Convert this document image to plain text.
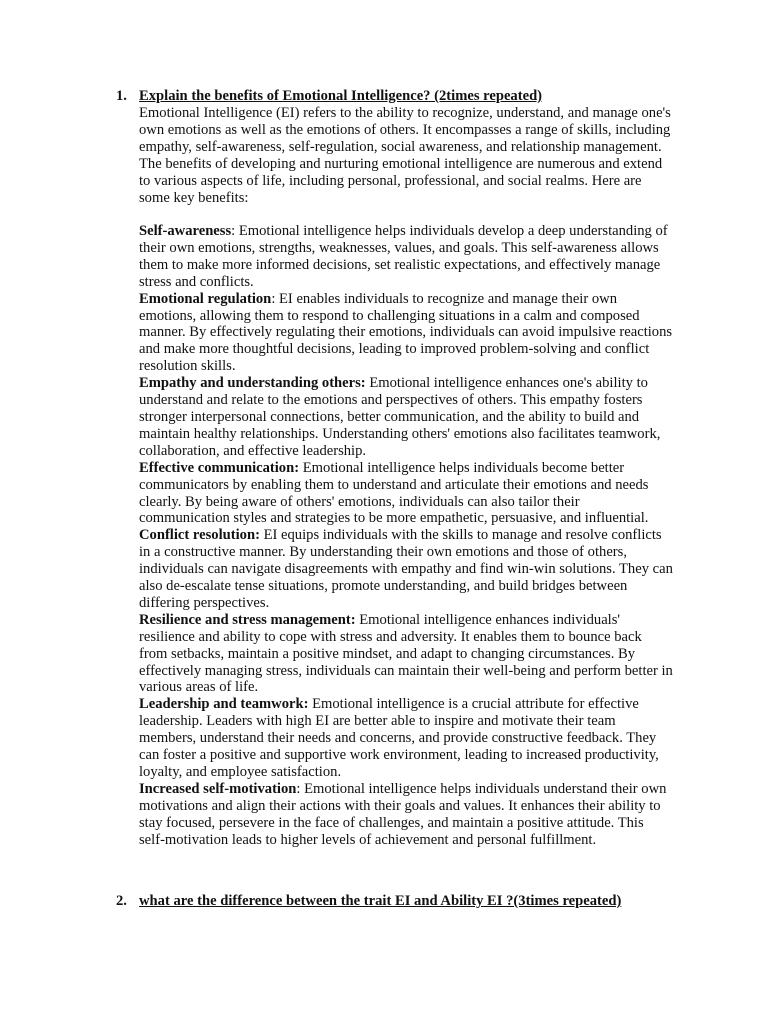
1. Explain the benefits of Emotional Intelligence? (2times repeated)
Emotional Intelligence (EI) refers to the ability to recognize, understand, and manage one's own emotions as well as the emotions of others. It encompasses a range of skills, including empathy, self-awareness, self-regulation, social awareness, and relationship management. The benefits of developing and nurturing emotional intelligence are numerous and extend to various aspects of life, including personal, professional, and social realms. Here are some key benefits:

Self-awareness: Emotional intelligence helps individuals develop a deep understanding of their own emotions, strengths, weaknesses, values, and goals. This self-awareness allows them to make more informed decisions, set realistic expectations, and effectively manage stress and conflicts.

Emotional regulation: EI enables individuals to recognize and manage their own emotions, allowing them to respond to challenging situations in a calm and composed manner. By effectively regulating their emotions, individuals can avoid impulsive reactions and make more thoughtful decisions, leading to improved problem-solving and conflict resolution skills.

Empathy and understanding others: Emotional intelligence enhances one's ability to understand and relate to the emotions and perspectives of others. This empathy fosters stronger interpersonal connections, better communication, and the ability to build and maintain healthy relationships. Understanding others' emotions also facilitates teamwork, collaboration, and effective leadership.

Effective communication: Emotional intelligence helps individuals become better communicators by enabling them to understand and articulate their emotions and needs clearly. By being aware of others' emotions, individuals can also tailor their communication styles and strategies to be more empathetic, persuasive, and influential.

Conflict resolution: EI equips individuals with the skills to manage and resolve conflicts in a constructive manner. By understanding their own emotions and those of others, individuals can navigate disagreements with empathy and find win-win solutions. They can also de-escalate tense situations, promote understanding, and build bridges between differing perspectives.

Resilience and stress management: Emotional intelligence enhances individuals' resilience and ability to cope with stress and adversity. It enables them to bounce back from setbacks, maintain a positive mindset, and adapt to changing circumstances. By effectively managing stress, individuals can maintain their well-being and perform better in various areas of life.

Leadership and teamwork: Emotional intelligence is a crucial attribute for effective leadership. Leaders with high EI are better able to inspire and motivate their team members, understand their needs and concerns, and provide constructive feedback. They can foster a positive and supportive work environment, leading to increased productivity, loyalty, and employee satisfaction.

Increased self-motivation: Emotional intelligence helps individuals understand their own motivations and align their actions with their goals and values. It enhances their ability to stay focused, persevere in the face of challenges, and maintain a positive attitude. This self-motivation leads to higher levels of achievement and personal fulfillment.

2. what are the difference between the trait EI and Ability EI ?(3times repeated)
